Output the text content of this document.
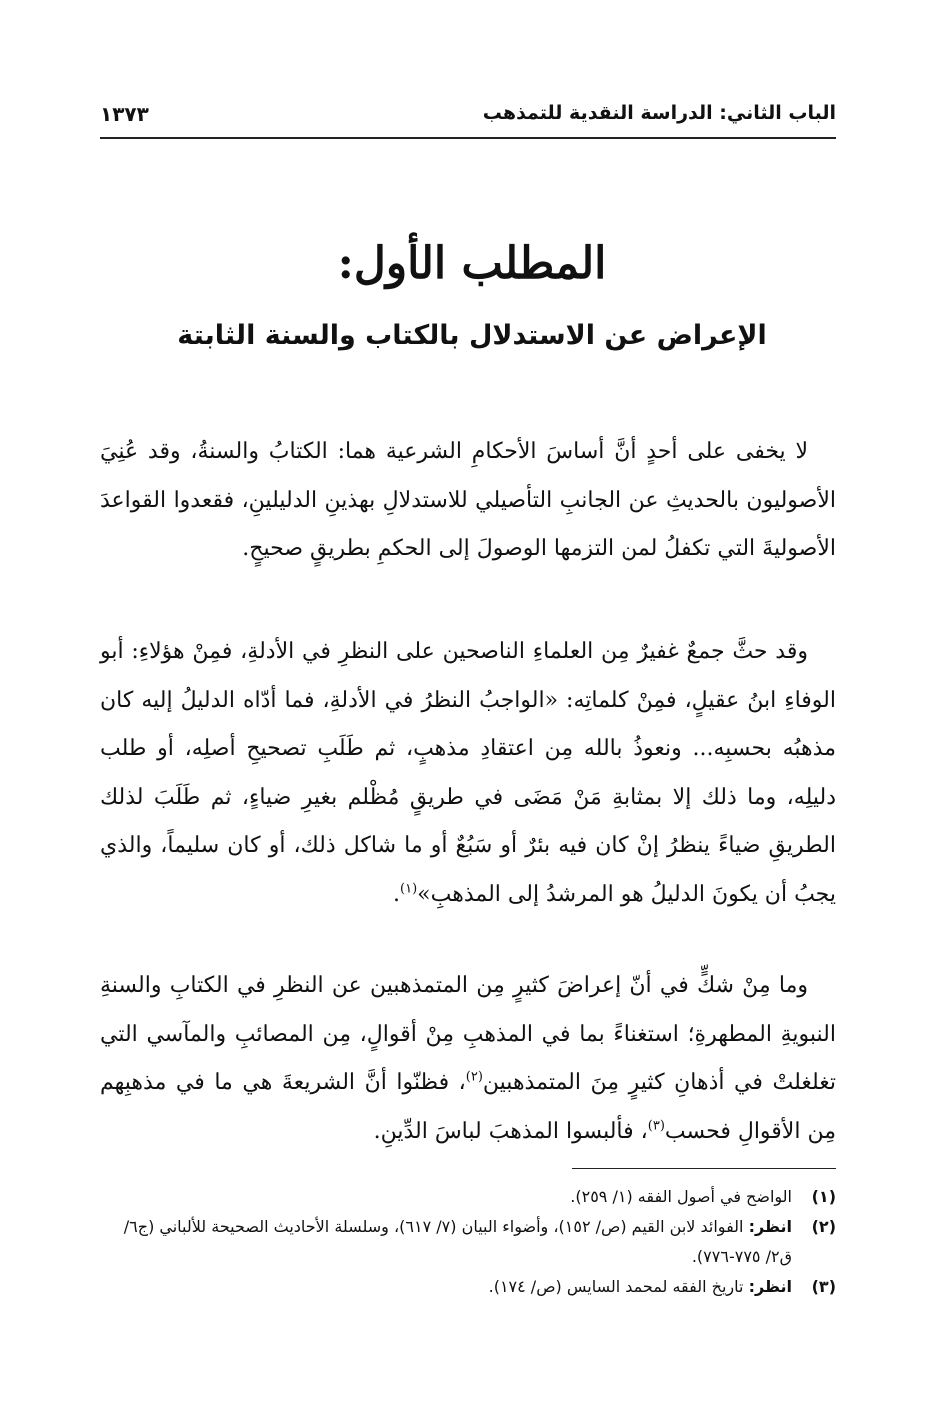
الباب الثاني: الدراسة النقدية للتمذهب
١٣٧٣
المطلب الأول:
الإعراض عن الاستدلال بالكتاب والسنة الثابتة

لا يخفى على أحدٍ أنَّ أساسَ الأحكامِ الشرعية هما: الكتابُ والسنةُ، وقد عُنِيَ الأصوليون بالحديثِ عن الجانبِ التأصيلي للاستدلالِ بهذينِ الدليلينِ، فقعدوا القواعدَ الأصوليةَ التي تكفلُ لمن التزمها الوصولَ إلى الحكمِ بطريقٍ صحيحٍ.

وقد حثَّ جمعٌ غفيرٌ مِن العلماءِ الناصحين على النظرِ في الأدلةِ، فمِنْ هؤلاءِ: أبو الوفاءِ ابنُ عقيلٍ، فمِنْ كلماتِه: «الواجبُ النظرُ في الأدلةِ، فما أدّاه الدليلُ إليه كان مذهبُه بحسبِه... ونعوذُ بالله مِن اعتقادِ مذهبٍ، ثم طَلَبِ تصحيحِ أصلِه، أو طلب دليلِه، وما ذلك إلا بمثابةِ مَنْ مَضَى في طريقٍ مُظْلم بغيرِ ضياءٍ، ثم طَلَبَ لذلك الطريقِ ضياءً ينظرُ إنْ كان فيه بئرٌ أو سَبُعٌ أو ما شاكل ذلك، أو كان سليماً، والذي يجبُ أن يكونَ الدليلُ هو المرشدُ إلى المذهبِ»$^{(١)}$.

وما مِنْ شكٍّ في أنّ إعراضَ كثيرٍ مِن المتمذهبين عن النظرِ في الكتابِ والسنةِ النبويةِ المطهرةِ؛ استغناءً بما في المذهبِ مِنْ أقوالٍ، مِن المصائبِ والمآسي التي تغلغلتْ في أذهانِ كثيرٍ مِنَ المتمذهبين$^{(٢)}$، فظنّوا أنَّ الشريعةَ هي ما في مذهبِهم مِن الأقوالِ فحسب$^{(٣)}$، فألبسوا المذهبَ لباسَ الدِّينِ.

(١)
الواضح في أصول الفقه (١/ ٢٥٩).
(٢)
انظر: الفوائد لابن القيم (ص/ ١٥٢)، وأضواء البيان (٧/ ٦١٧)، وسلسلة الأحاديث الصحيحة للألباني (ج٦/ ق٢/ ٧٧٥-٧٧٦).
(٣)
انظر: تاريخ الفقه لمحمد السايس (ص/ ١٧٤).
